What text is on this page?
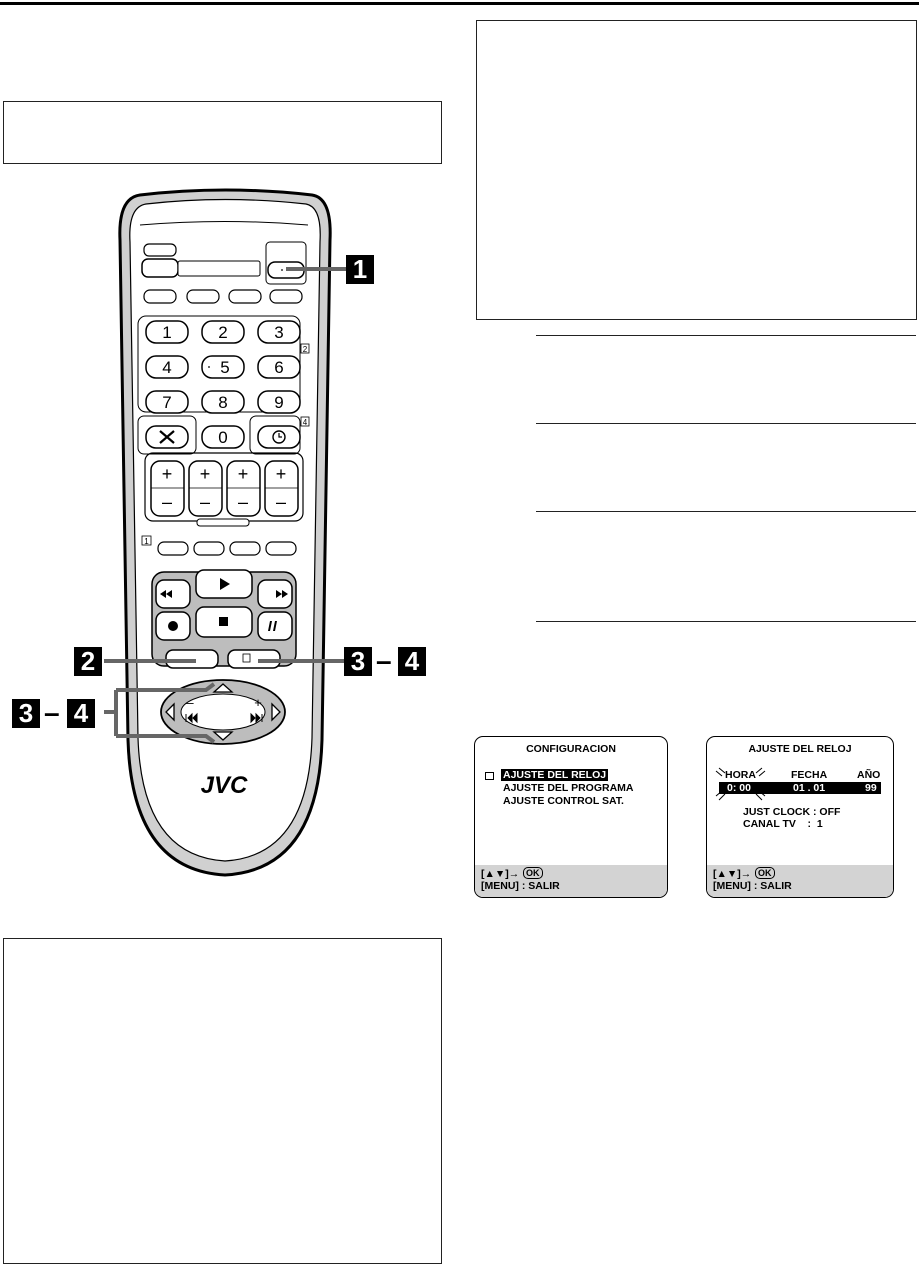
1	2	3
4	5	6
7	8	9
2
4
0
+ + + +
– – – –
1
–	+
JVC
1
2	3 – 4
3 – 4
CONFIGURACION
AJUSTE DEL RELOJ
AJUSTE DEL PROGRAMA
AJUSTE CONTROL SAT.
[▲▼]→ OK
[MENU] : SALIR
AJUSTE DEL RELOJ
HORA	FECHA	AÑO
0: 00	01 . 01	99
JUST CLOCK : OFF
CANAL TV    :  1
[▲▼]→ OK
[MENU] : SALIR
